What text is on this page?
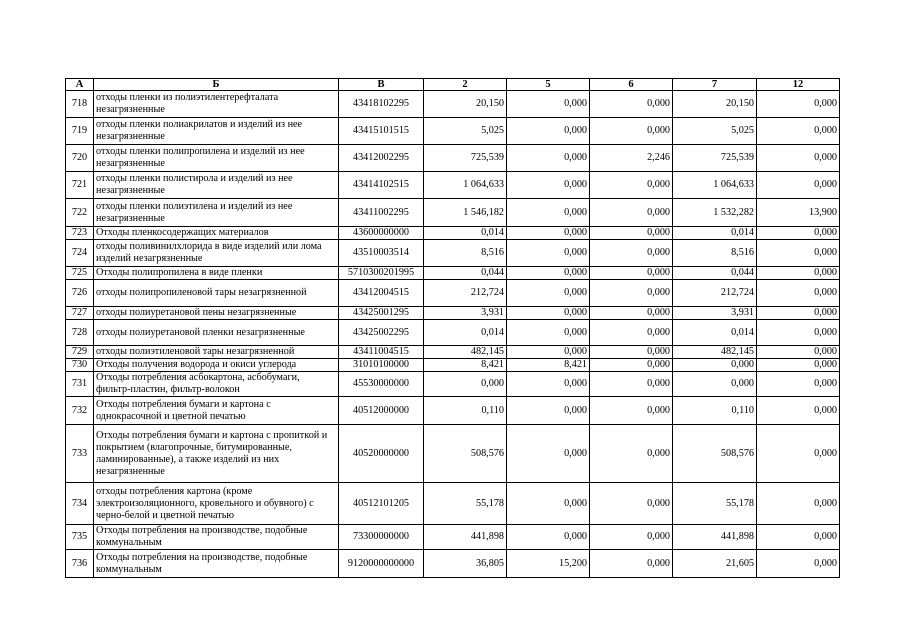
А	Б	В	2	5	6	7	12
718	отходы пленки из полиэтилентерефталата незагрязненные	43418102295	20,150	0,000	0,000	20,150	0,000
719	отходы пленки полиакрилатов и изделий из нее незагрязненные	43415101515	5,025	0,000	0,000	5,025	0,000
720	отходы пленки полипропилена и изделий из нее незагрязненные	43412002295	725,539	0,000	2,246	725,539	0,000
721	отходы пленки полистирола и изделий из нее незагрязненные	43414102515	1 064,633	0,000	0,000	1 064,633	0,000
722	отходы пленки полиэтилена и изделий из нее незагрязненные	43411002295	1 546,182	0,000	0,000	1 532,282	13,900
723	Отходы пленкосодержащих материалов	43600000000	0,014	0,000	0,000	0,014	0,000
724	отходы поливинилхлорида в виде изделий или лома изделий незагрязненные	43510003514	8,516	0,000	0,000	8,516	0,000
725	Отходы полипропилена в виде пленки	5710300201995	0,044	0,000	0,000	0,044	0,000
726	отходы полипропиленовой тары незагрязненной	43412004515	212,724	0,000	0,000	212,724	0,000
727	отходы полиуретановой пены незагрязненные	43425001295	3,931	0,000	0,000	3,931	0,000
728	отходы полиуретановой пленки незагрязненные	43425002295	0,014	0,000	0,000	0,014	0,000
729	отходы полиэтиленовой тары незагрязненной	43411004515	482,145	0,000	0,000	482,145	0,000
730	Отходы получения водорода и окиси углерода	31010100000	8,421	8,421	0,000	0,000	0,000
731	Отходы потребления асбокартона, асбобумаги, фильтр-пластин, фильтр-волокон	45530000000	0,000	0,000	0,000	0,000	0,000
732	Отходы потребления бумаги и картона с однокрасочной и цветной печатью	40512000000	0,110	0,000	0,000	0,110	0,000
733	Отходы потребления бумаги и картона с пропиткой и покрытием (влагопрочные, битумированные, ламинированные), а также изделий из них незагрязненные	40520000000	508,576	0,000	0,000	508,576	0,000
734	отходы потребления картона (кроме электроизоляционного, кровельного и обувного) с черно-белой и цветной печатью	40512101205	55,178	0,000	0,000	55,178	0,000
735	Отходы потребления на производстве, подобные коммунальным	73300000000	441,898	0,000	0,000	441,898	0,000
736	Отходы потребления на производстве, подобные коммунальным	9120000000000	36,805	15,200	0,000	21,605	0,000
